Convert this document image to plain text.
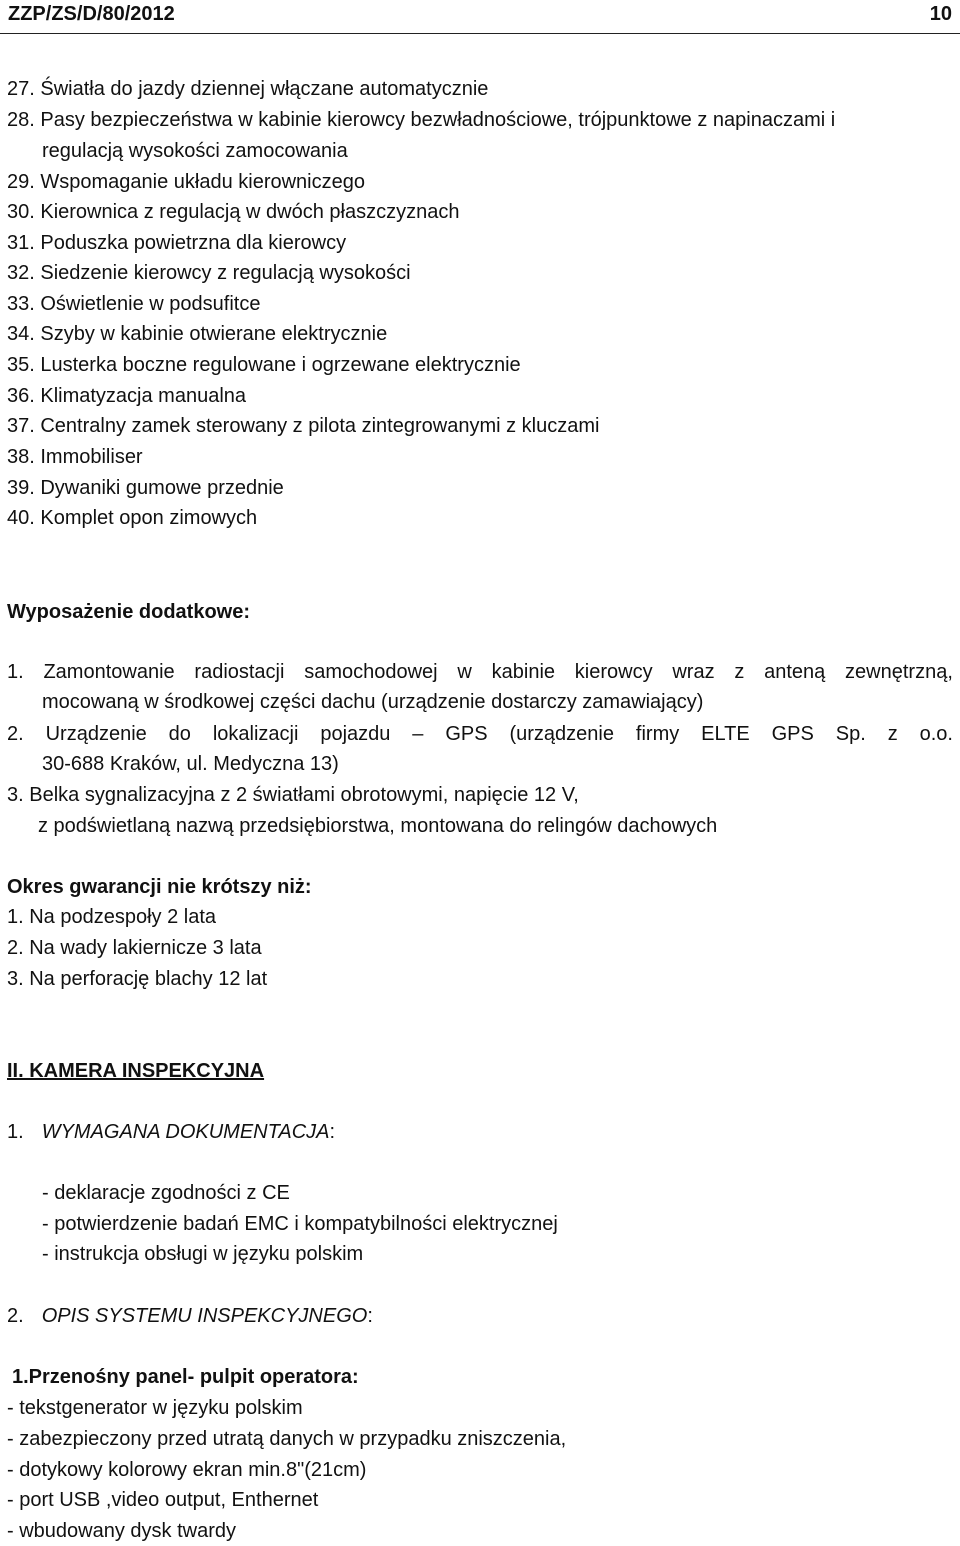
ZZP/ZS/D/80/2012	10
27. Światła do jazdy dziennej włączane automatycznie
28. Pasy bezpieczeństwa w kabinie kierowcy bezwładnościowe, trójpunktowe z napinaczami i
regulacją wysokości zamocowania
29. Wspomaganie układu kierowniczego
30. Kierownica z regulacją w dwóch płaszczyznach
31. Poduszka powietrzna dla kierowcy
32. Siedzenie kierowcy z regulacją wysokości
33. Oświetlenie w podsufitce
34. Szyby w kabinie otwierane elektrycznie
35. Lusterka boczne regulowane i ogrzewane elektrycznie
36. Klimatyzacja manualna
37. Centralny zamek sterowany z pilota zintegrowanymi z kluczami
38. Immobiliser
39. Dywaniki gumowe przednie
40. Komplet opon zimowych
Wyposażenie dodatkowe:
1. Zamontowanie radiostacji samochodowej w kabinie kierowcy wraz z anteną zewnętrzną,
mocowaną w środkowej części dachu (urządzenie dostarczy zamawiający)
2. Urządzenie do lokalizacji pojazdu – GPS (urządzenie firmy ELTE GPS Sp. z o.o.
30-688 Kraków, ul. Medyczna 13)
3. Belka sygnalizacyjna z 2 światłami obrotowymi, napięcie 12 V,
z podświetlaną nazwą przedsiębiorstwa, montowana do relingów dachowych
Okres gwarancji nie krótszy niż:
1. Na podzespoły 2 lata
2. Na wady lakiernicze 3 lata
3. Na perforację blachy 12 lat
II. KAMERA INSPEKCYJNA
1. WYMAGANA DOKUMENTACJA:
- deklaracje zgodności z CE
- potwierdzenie badań EMC i kompatybilności elektrycznej
- instrukcja obsługi w języku polskim
2. OPIS SYSTEMU INSPEKCYJNEGO:
1.Przenośny panel- pulpit operatora:
- tekstgenerator w języku polskim
- zabezpieczony przed utratą danych w przypadku zniszczenia,
- dotykowy kolorowy ekran min.8"(21cm)
- port USB ,video output, Enthernet
- wbudowany dysk twardy
